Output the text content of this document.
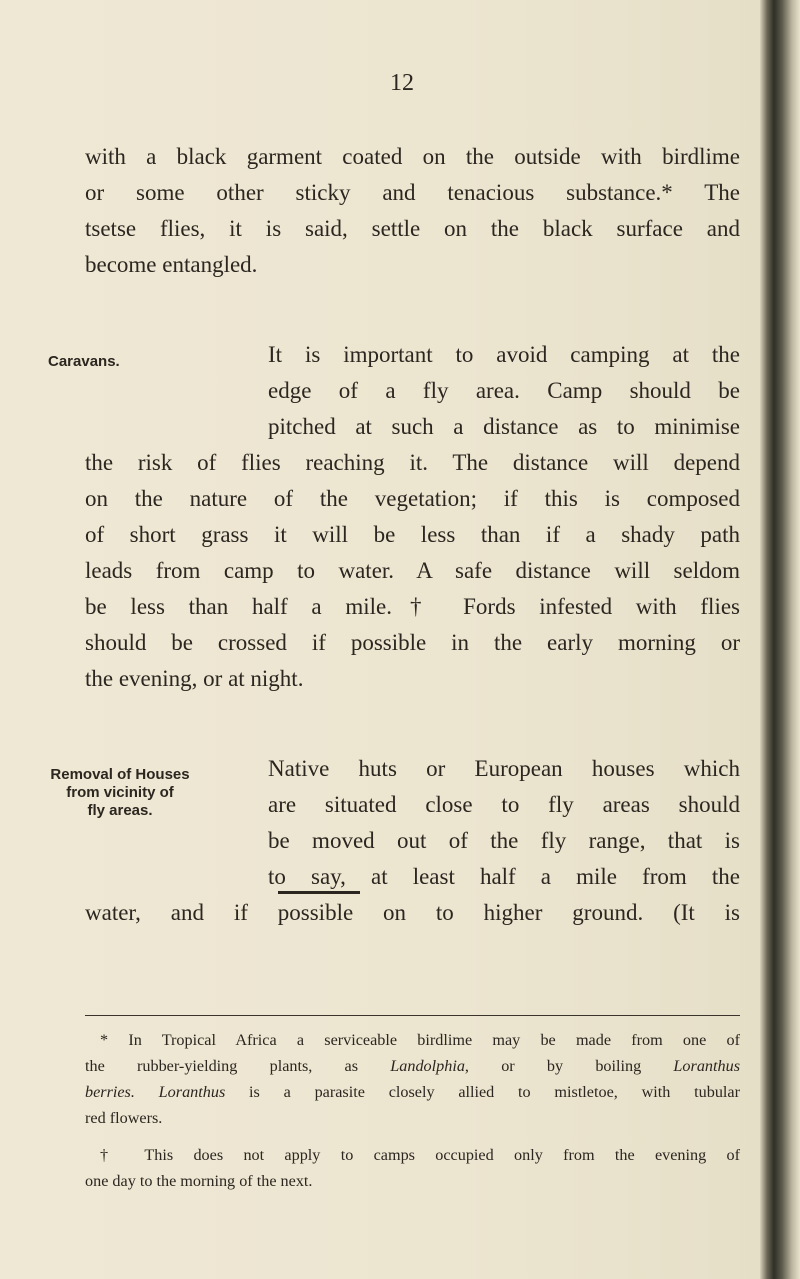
12
with a black garment coated on the outside with birdlime
or some other sticky and tenacious substance.* The
tsetse flies, it is said, settle on the black surface and
become entangled.
Caravans.	It is important to avoid camping at the
edge of a fly area. Camp should be
pitched at such a distance as to minimise
the risk of flies reaching it. The distance will depend
on the nature of the vegetation; if this is composed
of short grass it will be less than if a shady path
leads from camp to water. A safe distance will seldom
be less than half a mile.† Fords infested with flies
should be crossed if possible in the early morning or
the evening, or at night.
Removal of Houses
from vicinity of
fly areas.
Native huts or European houses which
are situated close to fly areas should
be moved out of the fly range, that is
to say, at least half a mile from the
water, and if possible on to higher ground. (It is
* In Tropical Africa a serviceable birdlime may be made from one of
the rubber-yielding plants, as Landolphia, or by boiling Loranthus
berries. Loranthus is a parasite closely allied to mistletoe, with tubular
red flowers.
† This does not apply to camps occupied only from the evening of
one day to the morning of the next.
